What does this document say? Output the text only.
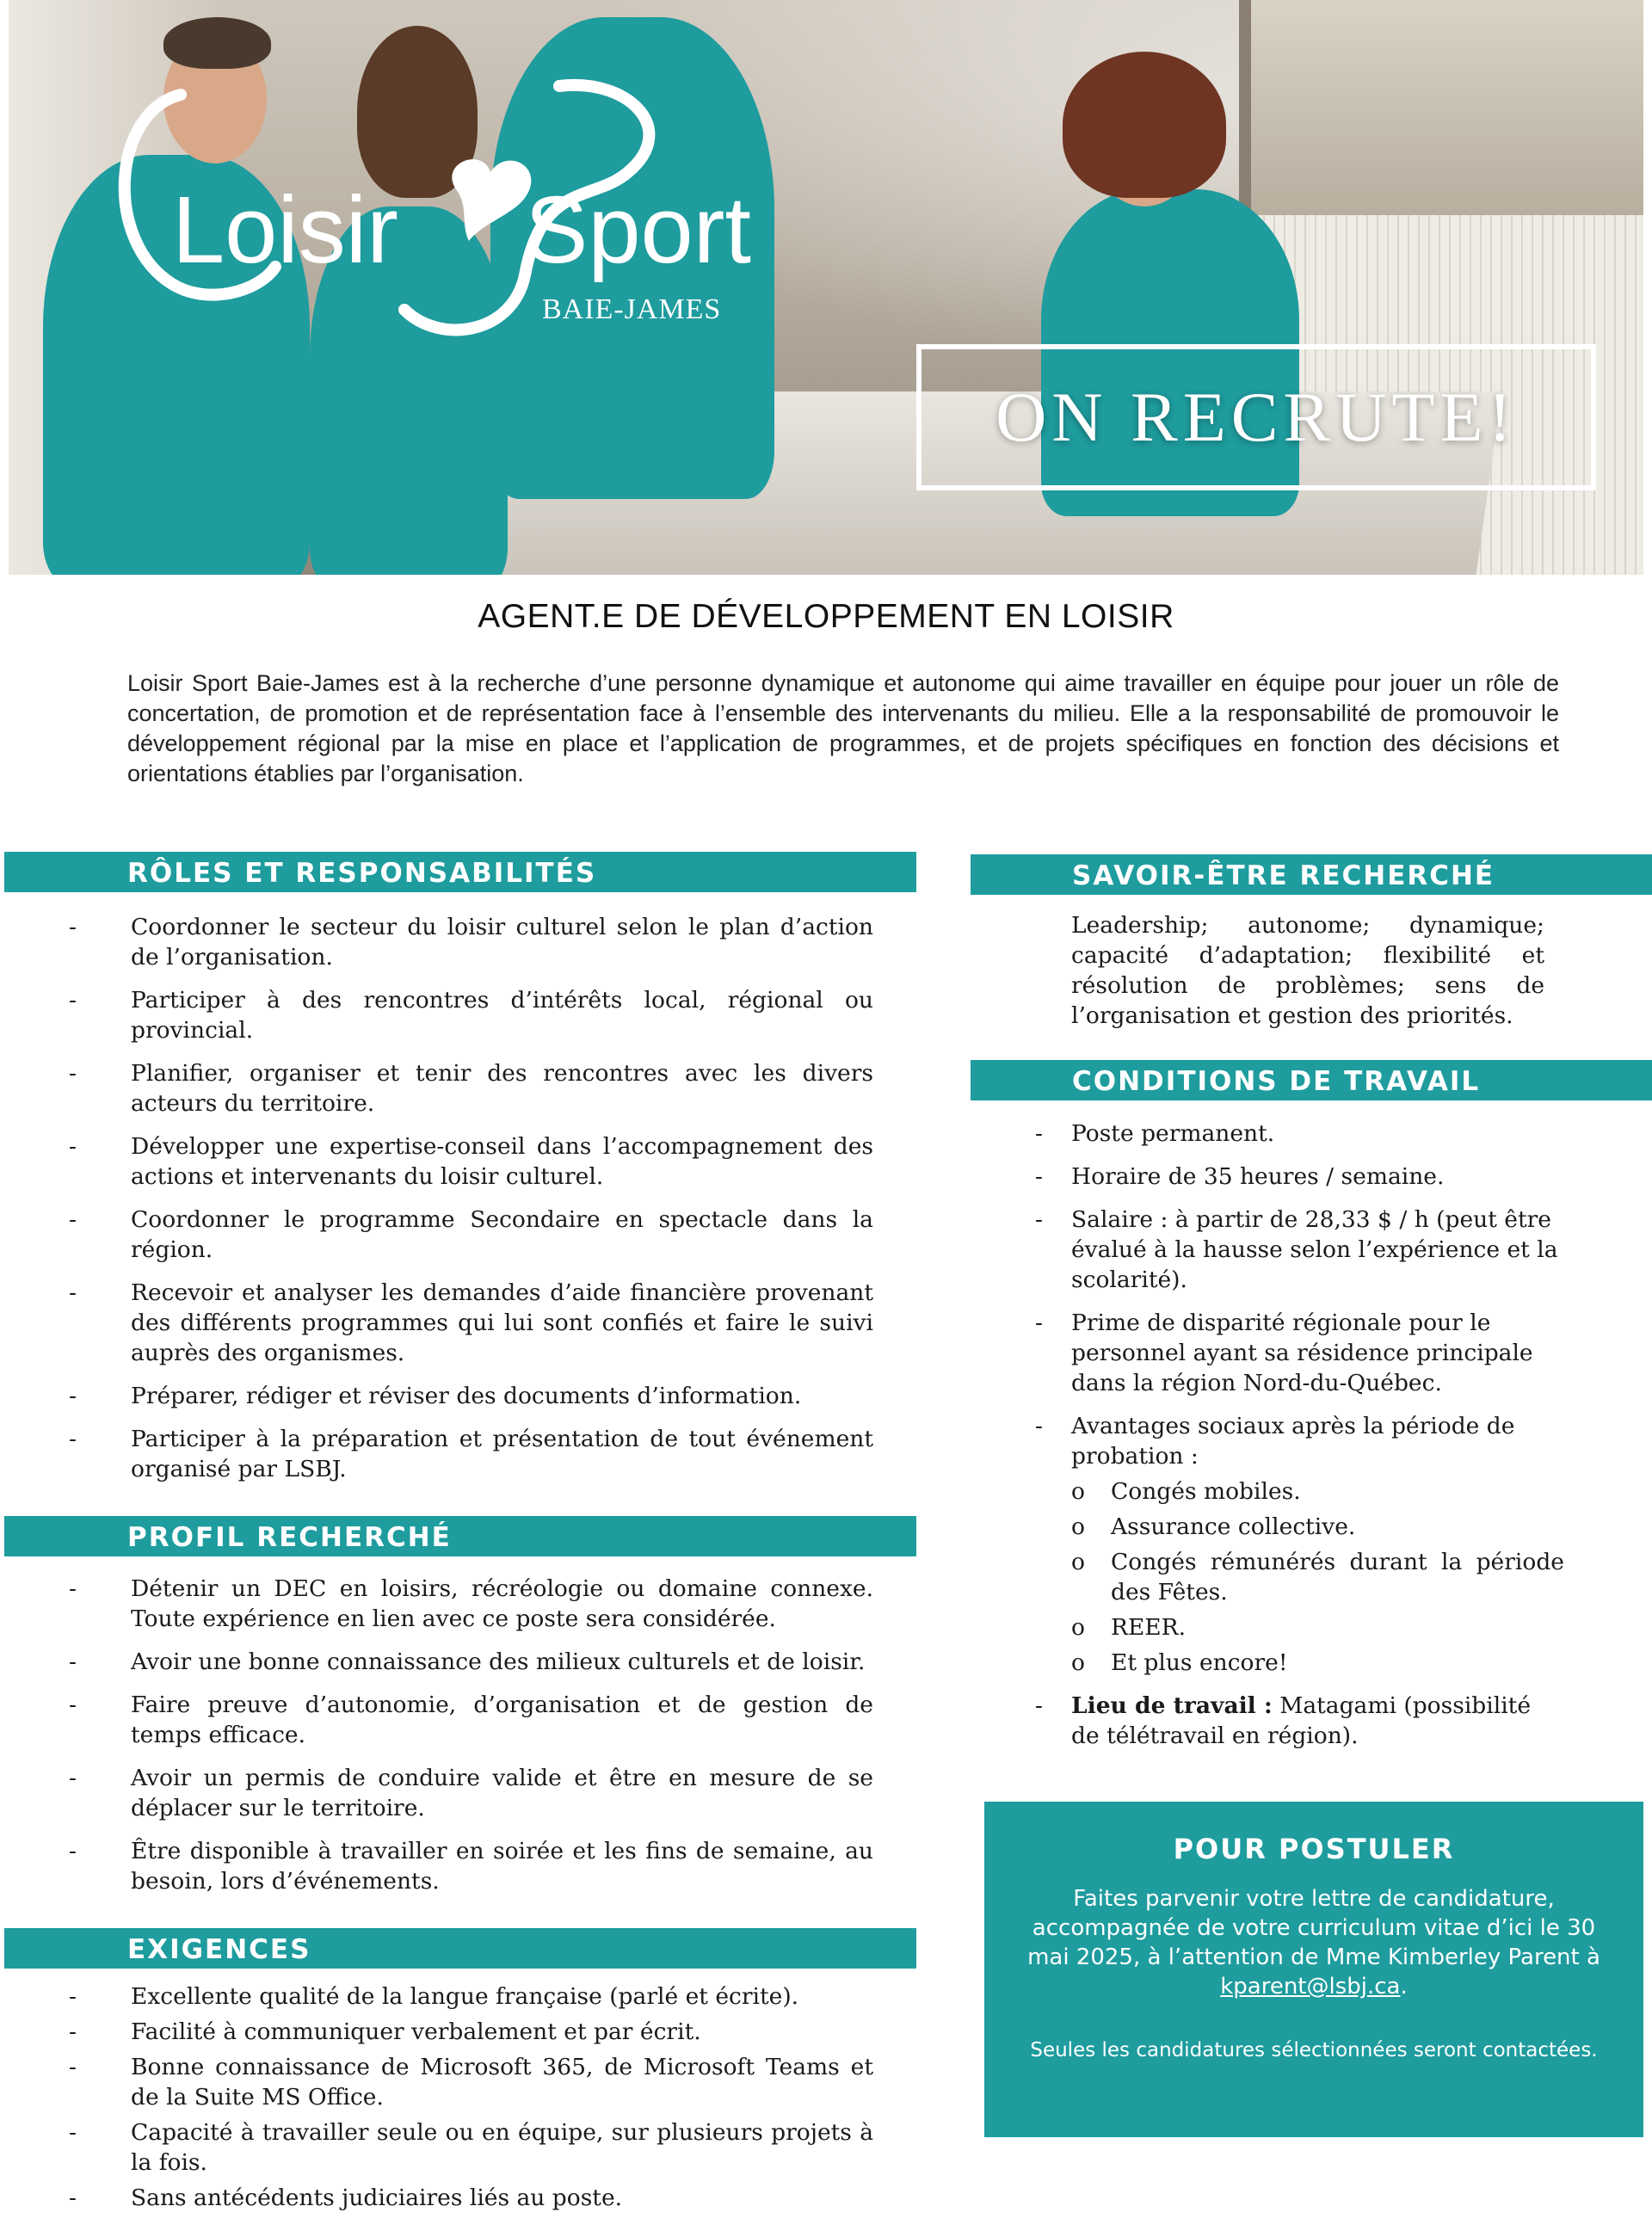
Loisir Sport
BAIE-JAMES
ON RECRUTE!
AGENT.E DE DÉVELOPPEMENT EN LOISIR

Loisir Sport Baie-James est à la recherche d’une personne dynamique et autonome qui aime travailler en équipe pour jouer un rôle de concertation, de promotion et de représentation face à l’ensemble des intervenants du milieu. Elle a la responsabilité de promouvoir le développement régional par la mise en place et l’application de programmes, et de projets spécifiques en fonction des décisions et orientations établies par l’organisation.

RÔLES ET RESPONSABILITÉS
- Coordonner le secteur du loisir culturel selon le plan d’action de l’organisation.
- Participer à des rencontres d’intérêts local, régional ou provincial.
- Planifier, organiser et tenir des rencontres avec les divers acteurs du territoire.
- Développer une expertise-conseil dans l’accompagnement des actions et intervenants du loisir culturel.
- Coordonner le programme Secondaire en spectacle dans la région.
- Recevoir et analyser les demandes d’aide financière provenant des différents programmes qui lui sont confiés et faire le suivi auprès des organismes.
- Préparer, rédiger et réviser des documents d’information.
- Participer à la préparation et présentation de tout événement organisé par LSBJ.
PROFIL RECHERCHÉ
- Détenir un DEC en loisirs, récréologie ou domaine connexe. Toute expérience en lien avec ce poste sera considérée.
- Avoir une bonne connaissance des milieux culturels et de loisir.
- Faire preuve d’autonomie, d’organisation et de gestion de temps efficace.
- Avoir un permis de conduire valide et être en mesure de se déplacer sur le territoire.
- Être disponible à travailler en soirée et les fins de semaine, au besoin, lors d’événements.
EXIGENCES
- Excellente qualité de la langue française (parlé et écrite).
- Facilité à communiquer verbalement et par écrit.
- Bonne connaissance de Microsoft 365, de Microsoft Teams et de la Suite MS Office.
- Capacité à travailler seule ou en équipe, sur plusieurs projets à la fois.
- Sans antécédents judiciaires liés au poste.
SAVOIR-ÊTRE RECHERCHÉ

Leadership; autonome; dynamique; capacité d’adaptation; flexibilité et résolution de problèmes; sens de l’organisation et gestion des priorités.

CONDITIONS DE TRAVAIL
- Poste permanent.
- Horaire de 35 heures / semaine.
- Salaire : à partir de 28,33 $ / h (peut être évalué à la hausse selon l’expérience et la scolarité).
- Prime de disparité régionale pour le personnel ayant sa résidence principale dans la région Nord-du-Québec.
- Avantages sociaux après la période de probation :
o Congés mobiles.
o Assurance collective.
o Congés rémunérés durant la période des Fêtes.
o REER.
o Et plus encore!
- Lieu de travail : Matagami (possibilité de télétravail en région).
POUR POSTULER
Faites parvenir votre lettre de candidature, accompagnée de votre curriculum vitae d’ici le 30 mai 2025, à l’attention de Mme Kimberley Parent à kparent@lsbj.ca.
Seules les candidatures sélectionnées seront contactées.
